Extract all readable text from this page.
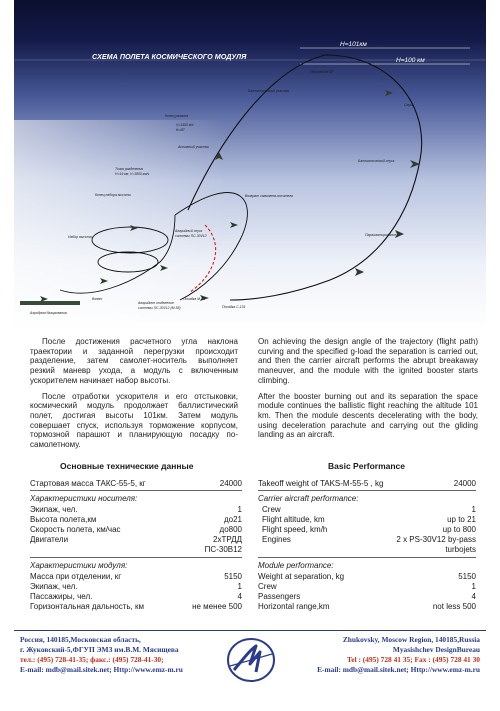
СХЕМА ПОЛЕТА КОСМИЧЕСКОГО МОДУЛЯ
H=101км
H=100 км
Перигей на 30°
Баллистический участок
Спуск
Баллистический спуск
Парашютирование
Конец разгона
V=1450 м/с
θ=45°
Активный участок
Точка разделения
H=19 км; V=1800 км/ч
Конец набора высоты
Набор высоты
Возврат самолета-носителя
Аварийный спуск
системы ПС-30V12
Взлет
Аэродром базирования
Аварийное отделение
системы ПС-30V12 (М-55)
Посадка М-55
Посадка С-101

После достижения расчетного угла наклона траектории и заданной перегрузки происходит разделение, затем самолет-носитель выполняет резкий маневр ухода, а модуль с включенным ускорителем начинает набор высоты.

После отработки ускорителя и его отстыковки, космический модуль продолжает баллистический полет, достигая высоты 101км. Затем модуль совершает спуск, используя торможение корпусом, тормозной парашют и планирующую посадку по-самолетному.

On achieving the design angle of the trajectory (flight path) curving and the specified g-load the separation is carried out, and then the carrier aircraft performs the abrupt breakaway maneuver, and the module with the ignited booster starts climbing.

After the booster burning out and its separation the space module continues the ballistic flight reaching the altitude 101 km. Then the module descents decelerating with the body, using deceleration parachute and carrying out the gliding landing as an aircraft.

Основные технические данные
Стартовая масса ТАКС-55-5, кг	24000
Характеристики носителя:
Экипаж, чел.	1
Высота полета,км	до21
Скорость полета, км/час	до800
Двигатели	2хТРДД
ПС-30В12
Характеристики модуля:
Масса при отделении, кг	5150
Экипаж, чел.	1
Пассажиры, чел.	4
Горизонтальная дальность, км	не менее 500
Basic Performance
Takeoff weight of TAKS-M-55-5 , kg	24000
Carrier aircraft performance:
Crew	1
Flight altitude, km	up to 21
Flight speed, km/h	up to 800
Engines	2 x PS-30V12 by-pass
turbojets
Module performance:
Weight at separation, kg	5150
Crew	1
Passengers	4
Horizontal range,km	not less 500
Россия, 140185,Московская область,
г. Жуковский-5,ФГУП ЭМЗ им.В.М. Мясищева
тел.: (495) 728-41-35; факс.: (495) 728-41-30;
E-mail: mdb@mail.sitek.net; Http://www.emz-m.ru
Zhukovsky, Moscow Region, 140185,Russia
Myasishchev DesignBureau
Tel : (495) 728 41 35; Fax : (495) 728 41 30
E-mail: mdb@mail.sitek.net; Http://www.emz-m.ru
